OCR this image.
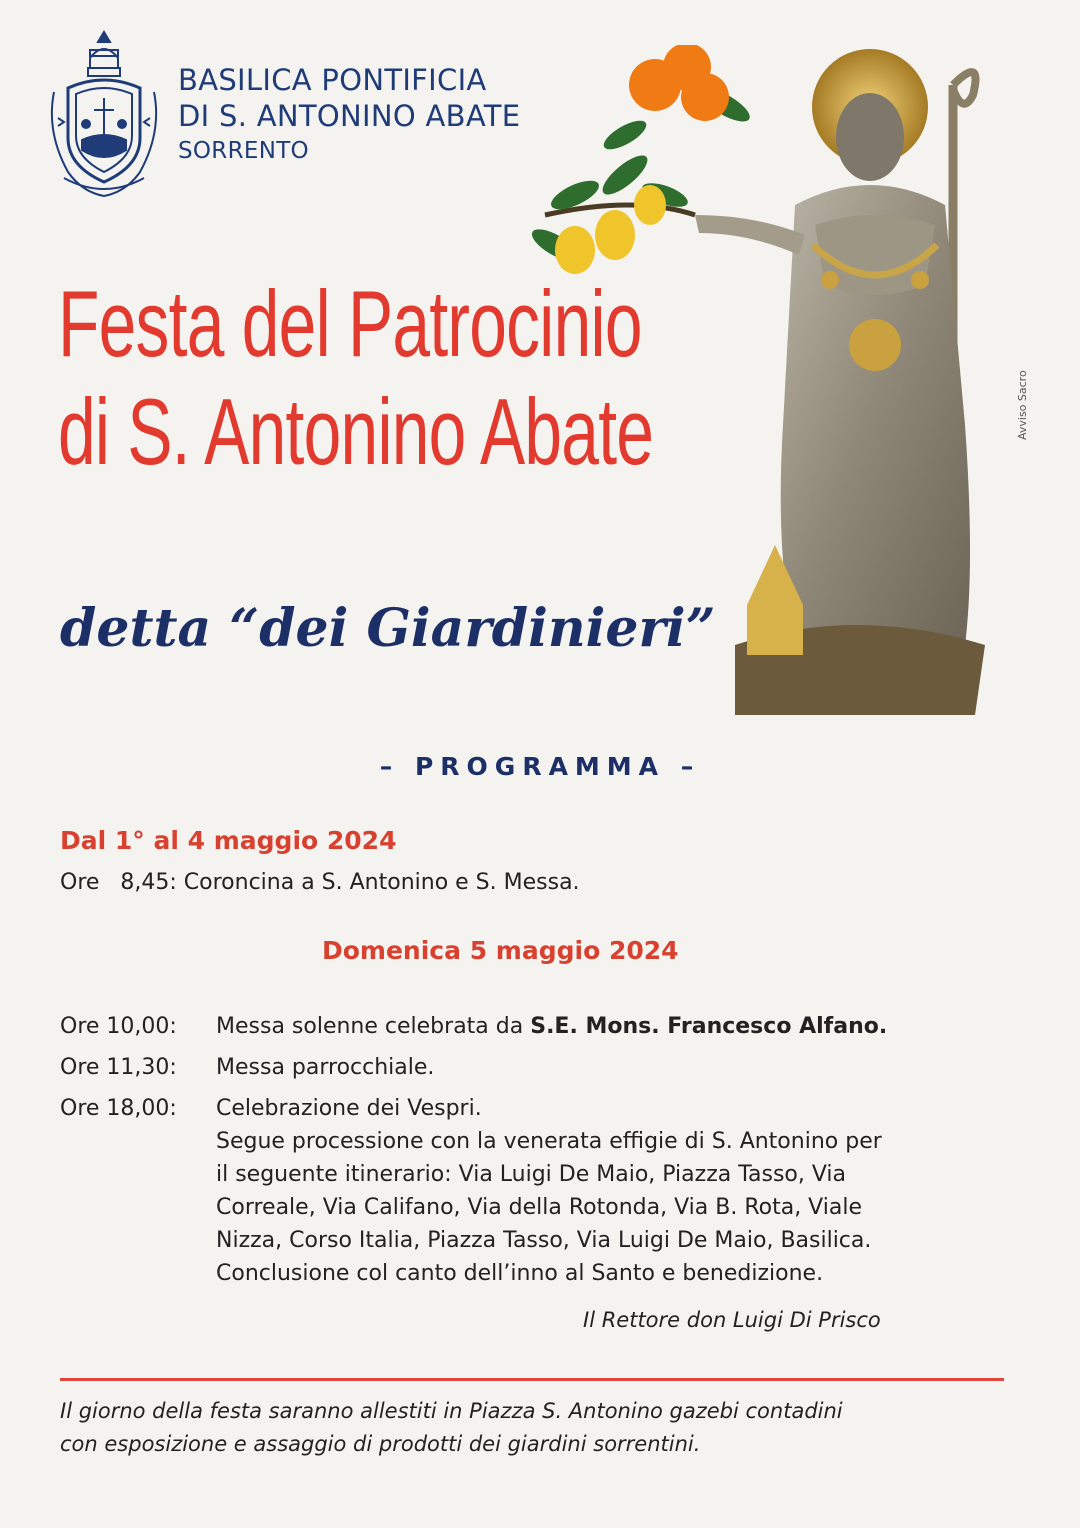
BASILICA PONTIFICIA
DI S. ANTONINO ABATE
SORRENTO
Avviso Sacro
Festa del Patrocinio
di S. Antonino Abate
detta “dei Giardinieri”
– PROGRAMMA –
Dal 1° al 4 maggio 2024
Ore   8,45: Coroncina a S. Antonino e S. Messa.
Domenica 5 maggio 2024
Ore 10,00:	Messa solenne celebrata da S.E. Mons. Francesco Alfano.
Ore 11,30:	Messa parrocchiale.
Ore 18,00:	Celebrazione dei Vespri.
Segue processione con la venerata effigie di S. Antonino per
il seguente itinerario: Via Luigi De Maio, Piazza Tasso, Via
Correale, Via Califano, Via della Rotonda, Via B. Rota, Viale
Nizza, Corso Italia, Piazza Tasso, Via Luigi De Maio, Basilica.
Conclusione col canto dell’inno al Santo e benedizione.
Il Rettore don Luigi Di Prisco
Il giorno della festa saranno allestiti in Piazza S. Antonino gazebi contadini
con esposizione e assaggio di prodotti dei giardini sorrentini.
